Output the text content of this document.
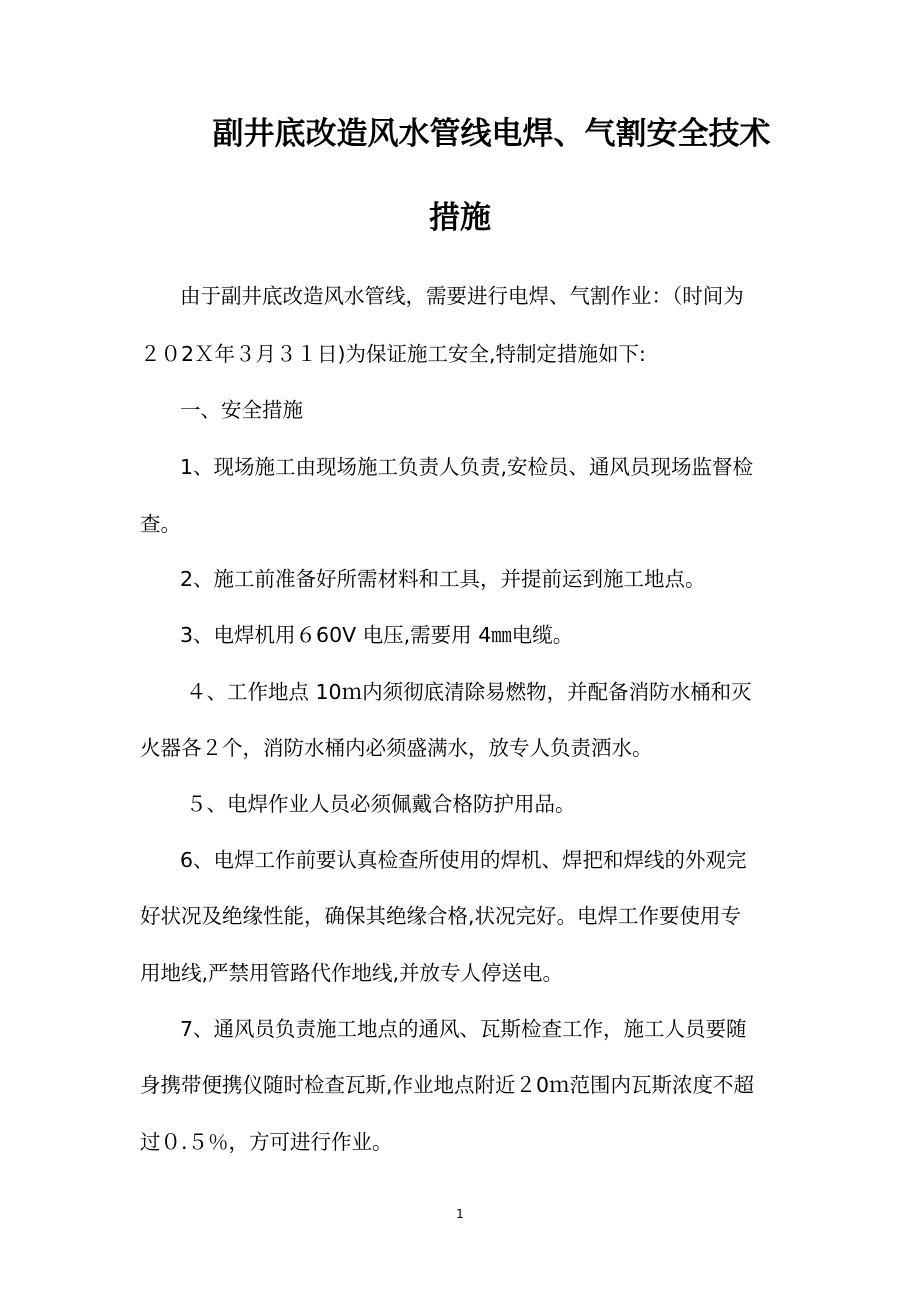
副井底改造风水管线电焊、气割安全技术
措施

由于副井底改造风水管线，需要进行电焊、气割作业：（时间为

２０2Ｘ年３月３１日)为保证施工安全,特制定措施如下:

一、安全措施

1、现场施工由现场施工负责人负责,安检员、通风员现场监督检

查。

2、施工前准备好所需材料和工具，并提前运到施工地点。

3、电焊机用６60V 电压,需要用 4㎜电缆。

４、工作地点 10ｍ内须彻底清除易燃物，并配备消防水桶和灭

火器各２个，消防水桶内必须盛满水，放专人负责洒水。

５、电焊作业人员必须佩戴合格防护用品。

6、电焊工作前要认真检查所使用的焊机、焊把和焊线的外观完

好状况及绝缘性能，确保其绝缘合格,状况完好。电焊工作要使用专

用地线,严禁用管路代作地线,并放专人停送电。

7、通风员负责施工地点的通风、瓦斯检查工作，施工人员要随

身携带便携仪随时检查瓦斯,作业地点附近２0ｍ范围内瓦斯浓度不超

过０.５％，方可进行作业。

1
